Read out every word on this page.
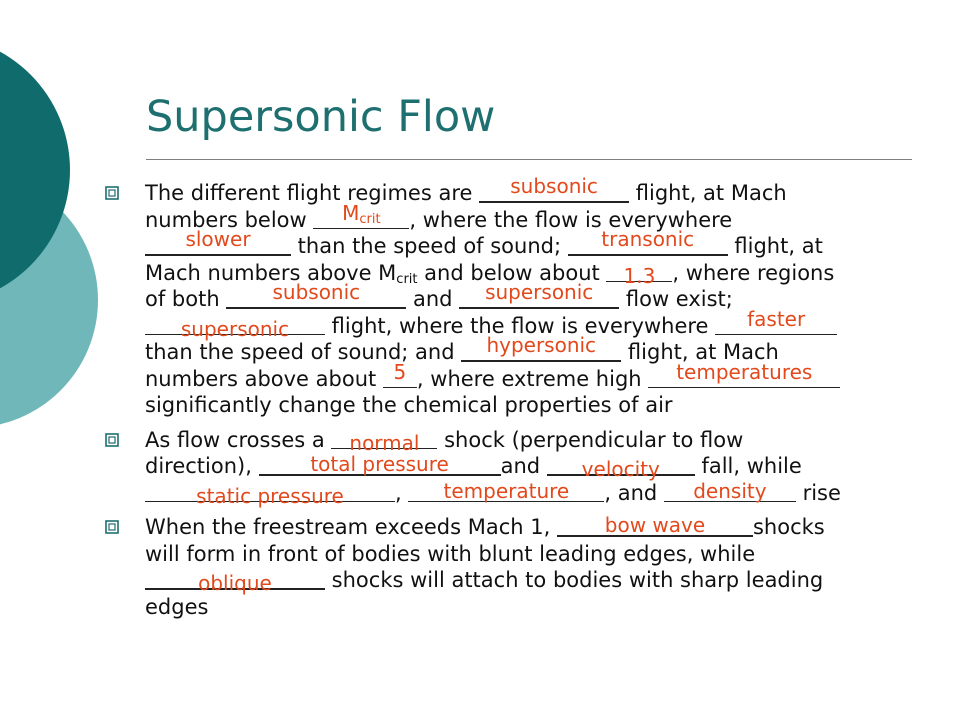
Supersonic Flow
The different flight regimes are	subsonic	flight, at Mach
numbers below	$M_{crit}$	, where the flow is everywhere
slower	than the speed of sound;	transonic	flight, at
Mach numbers above $M_{crit}$ and below about 1.3 , where regions
of both	subsonic	and	supersonic	flow exist;
supersonic	flight, where the flow is everywhere	faster
than the speed of sound; and	hypersonic	flight, at Mach
numbers above about 5 , where extreme high	temperatures
significantly change the chemical properties of air
As flow crosses a normal shock (perpendicular to flow
direction),	total pressure	and	velocity	fall, while
static pressure	,	temperature	, and	density	rise
When the freestream exceeds Mach 1,	bow wave	shocks
will form in front of bodies with blunt leading edges, while
oblique	shocks will attach to bodies with sharp leading
edges
